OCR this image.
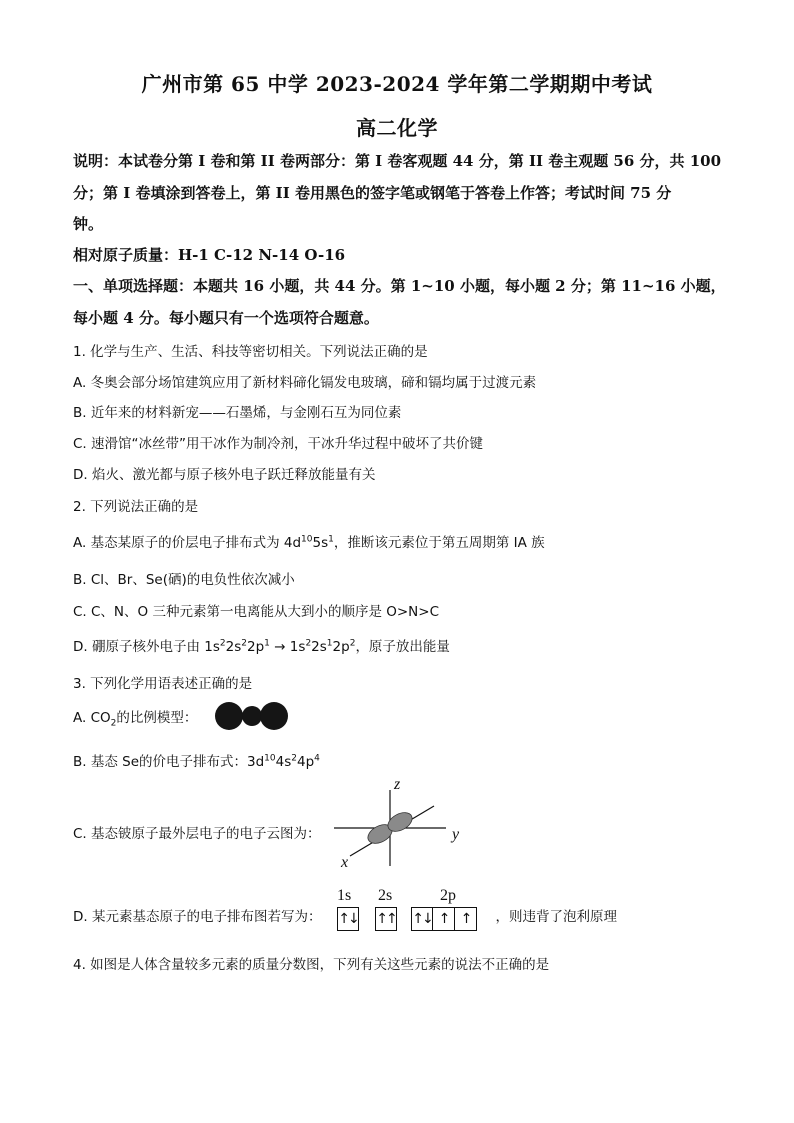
广州市第 65 中学 2023-2024 学年第二学期期中考试
高二化学
说明：本试卷分第 I 卷和第 II 卷两部分：第 I 卷客观题 44 分，第 II 卷主观题 56 分，共 100
分；第 I 卷填涂到答卷上，第 II 卷用黑色的签字笔或钢笔于答卷上作答；考试时间 75 分
钟。
相对原子质量：H-1 C-12 N-14 O-16
一、单项选择题：本题共 16 小题，共 44 分。第 1~10 小题，每小题 2 分；第 11~16 小题，
每小题 4 分。每小题只有一个选项符合题意。
1. 化学与生产、生活、科技等密切相关。下列说法正确的是
A. 冬奥会部分场馆建筑应用了新材料碲化镉发电玻璃，碲和镉均属于过渡元素
B. 近年来的材料新宠——石墨烯，与金刚石互为同位素
C. 速滑馆“冰丝带”用干冰作为制冷剂，干冰升华过程中破坏了共价键
D. 焰火、激光都与原子核外电子跃迁释放能量有关
2. 下列说法正确的是
A. 基态某原子的价层电子排布式为 $4d^{10}5s^1$，推断该元素位于第五周期第 IA 族
B. Cl、Br、Se(硒)的电负性依次减小
C. C、N、O 三种元素第一电离能从大到小的顺序是 O>N>C
D. 硼原子核外电子由 $1s^22s^22p^1 \to 1s^22s^12p^2$，原子放出能量
3. 下列化学用语表述正确的是
A. $CO_2$的比例模型：
B. 基态 Se的价电子排布式：$3d^{10}4s^24p^4$
C. 基态铍原子最外层电子的电子云图为：
z
y
x
D. 某元素基态原子的电子排布图若写为：	，则违背了泡利原理
1s 2s	2p
↑↓ ↑↑ ↑↓ ↑ ↑
4. 如图是人体含量较多元素的质量分数图，下列有关这些元素的说法不正确的是
